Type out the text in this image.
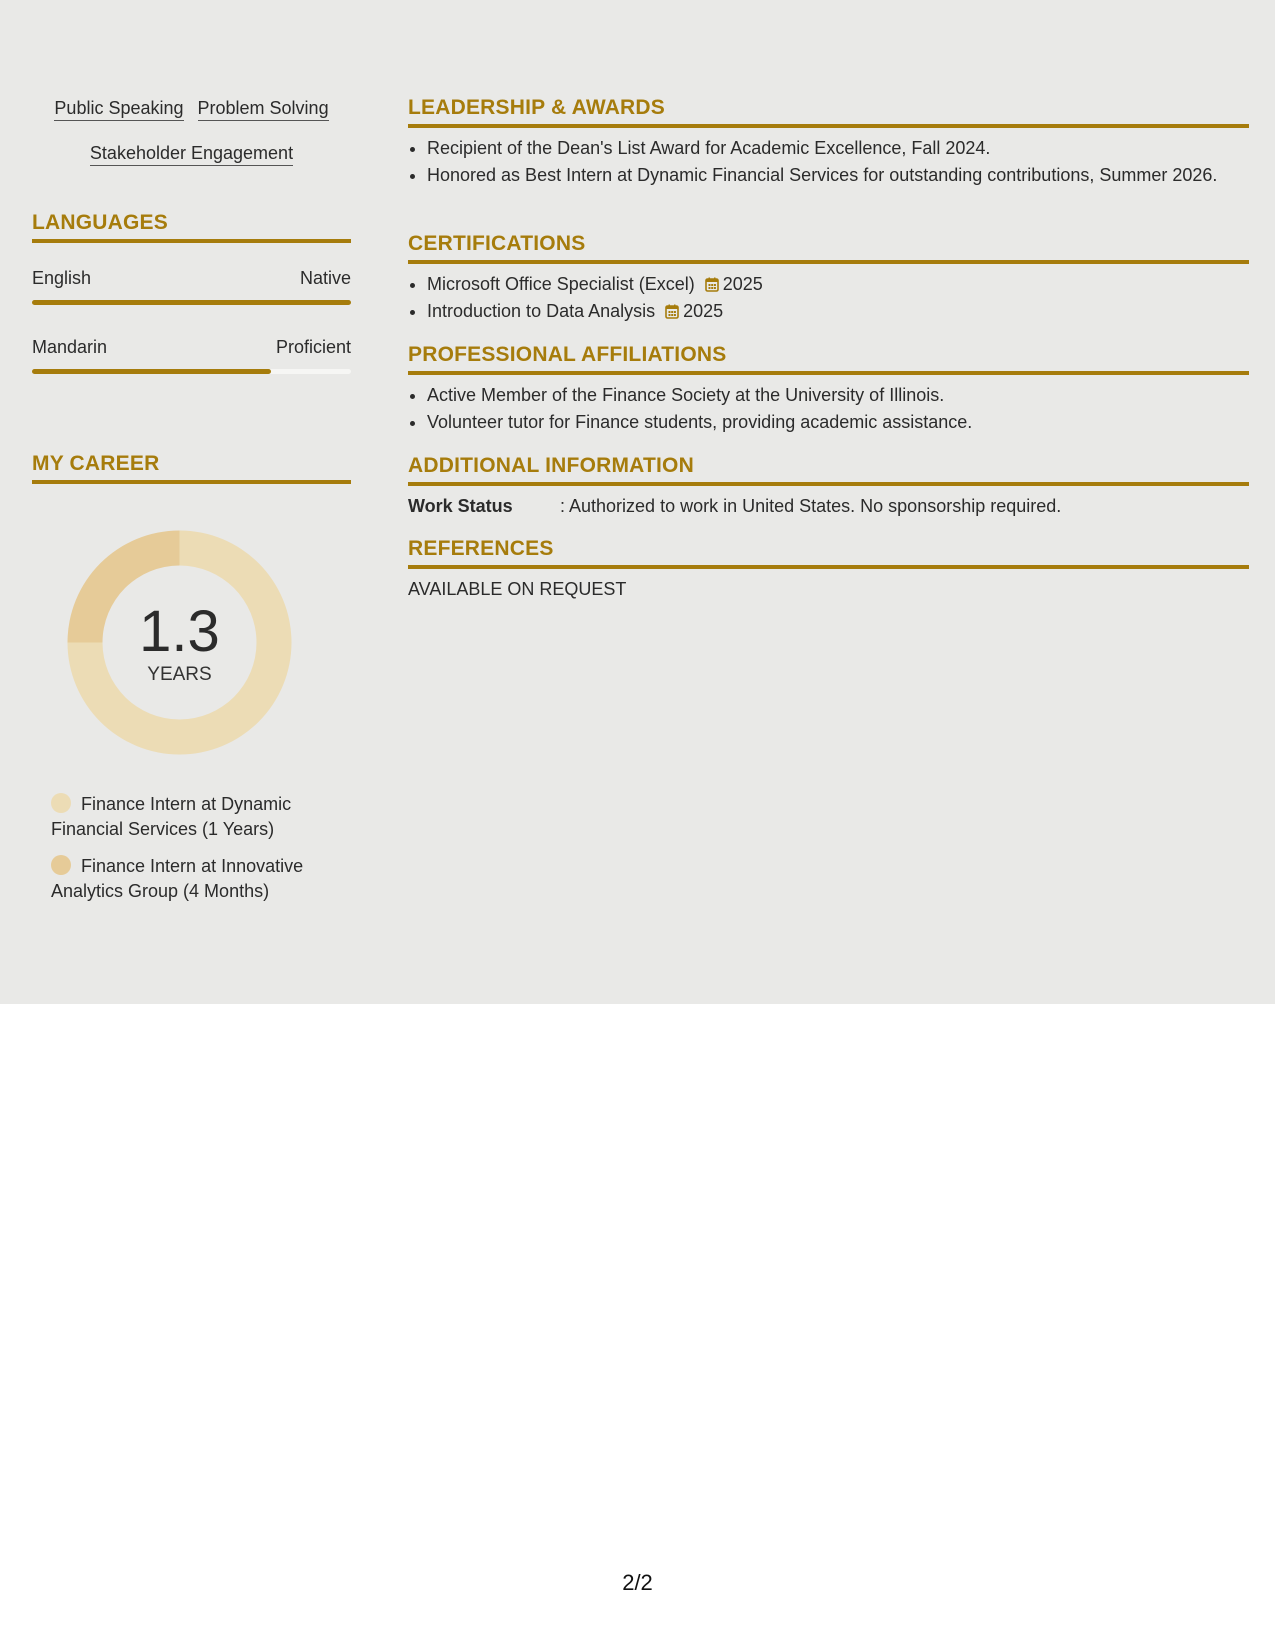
Public Speaking Problem Solving
Stakeholder Engagement
LANGUAGES
English	Native
Mandarin	Proficient
MY CAREER
1.3
YEARS
Finance Intern at Dynamic Financial Services (1 Years)
Finance Intern at Innovative Analytics Group (4 Months)
LEADERSHIP & AWARDS
• Recipient of the Dean's List Award for Academic Excellence, Fall 2024.
• Honored as Best Intern at Dynamic Financial Services for outstanding contributions, Summer 2026.
CERTIFICATIONS
• Microsoft Office Specialist (Excel) 2025
• Introduction to Data Analysis 2025
PROFESSIONAL AFFILIATIONS
• Active Member of the Finance Society at the University of Illinois.
• Volunteer tutor for Finance students, providing academic assistance.
ADDITIONAL INFORMATION
Work Status	: Authorized to work in United States. No sponsorship required.
REFERENCES
AVAILABLE ON REQUEST
2/2
